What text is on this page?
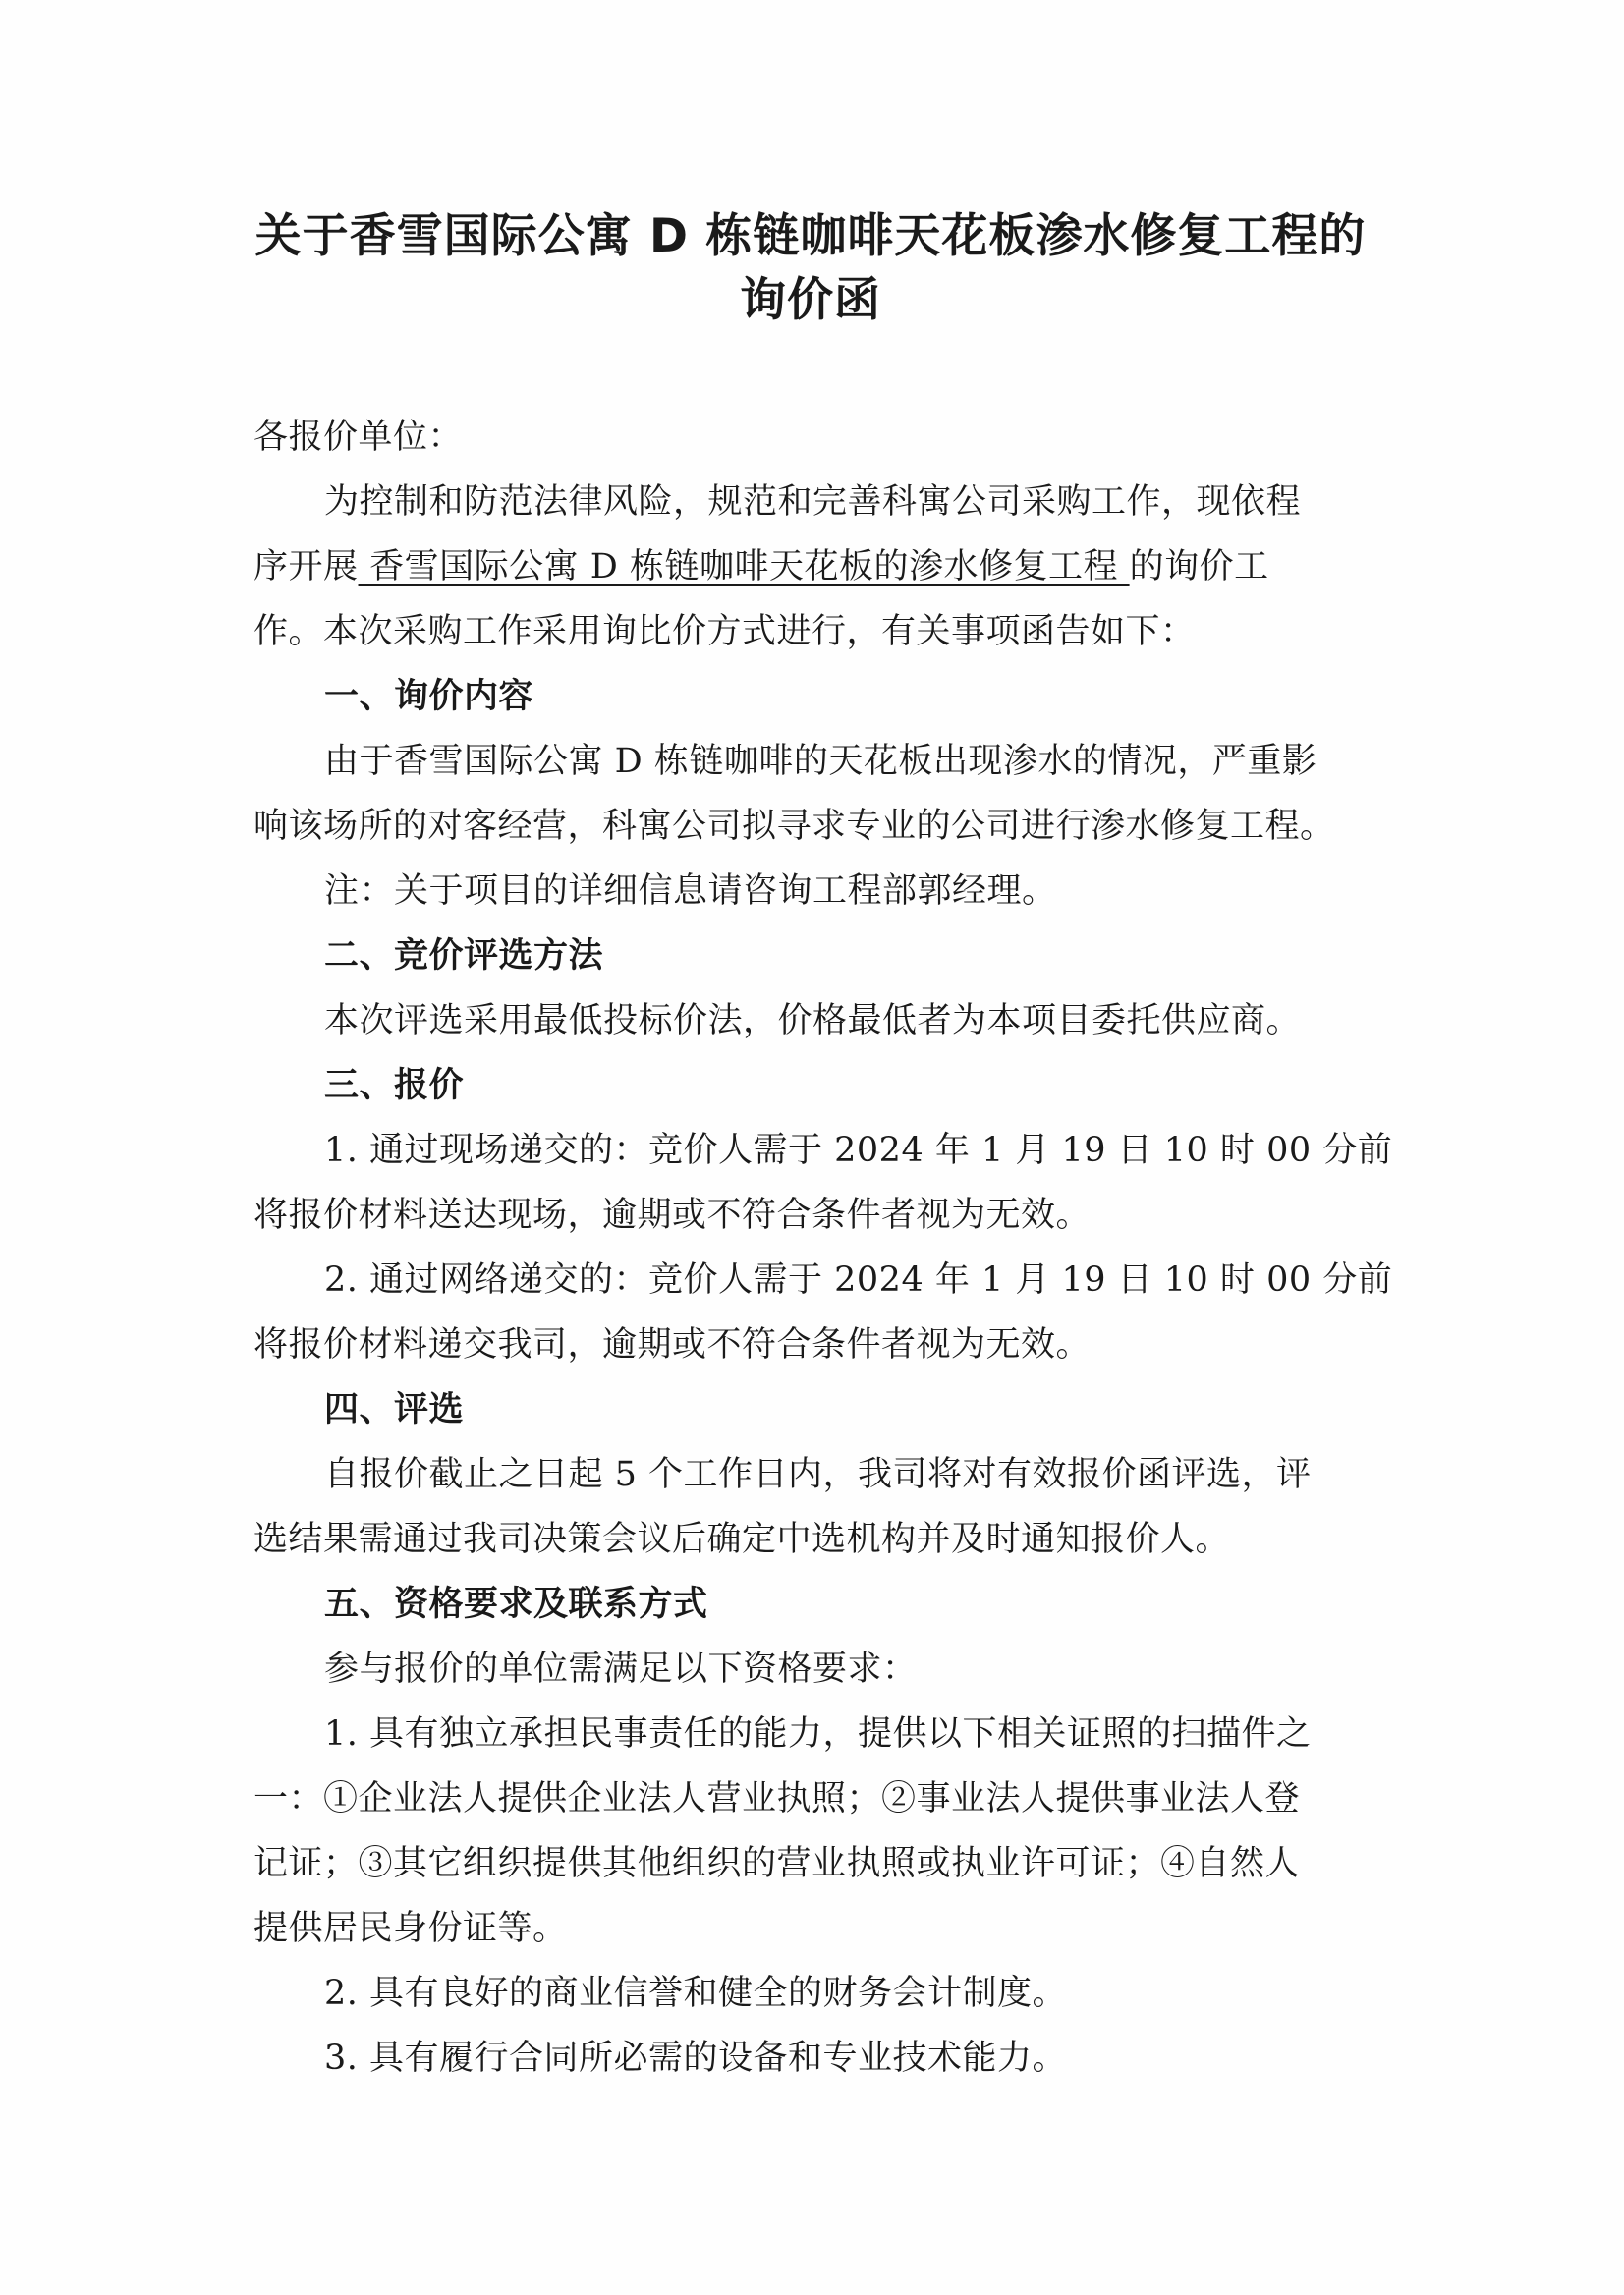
关于香雪国际公寓 D 栋链咖啡天花板渗水修复工程的
询价函
各报价单位：
为控制和防范法律风险，规范和完善科寓公司采购工作，现依程
序开展 香雪国际公寓 D 栋链咖啡天花板的渗水修复工程 的询价工
作。本次采购工作采用询比价方式进行，有关事项函告如下：
一、询价内容
由于香雪国际公寓 D 栋链咖啡的天花板出现渗水的情况，严重影
响该场所的对客经营，科寓公司拟寻求专业的公司进行渗水修复工程。
注：关于项目的详细信息请咨询工程部郭经理。
二、竞价评选方法
本次评选采用最低投标价法，价格最低者为本项目委托供应商。
三、报价
1. 通过现场递交的：竞价人需于 2024 年 1 月 19 日 10 时 00 分前
将报价材料送达现场，逾期或不符合条件者视为无效。
2. 通过网络递交的：竞价人需于 2024 年 1 月 19 日 10 时 00 分前
将报价材料递交我司，逾期或不符合条件者视为无效。
四、评选
自报价截止之日起 5 个工作日内，我司将对有效报价函评选，评
选结果需通过我司决策会议后确定中选机构并及时通知报价人。
五、资格要求及联系方式
参与报价的单位需满足以下资格要求：
1. 具有独立承担民事责任的能力，提供以下相关证照的扫描件之
一：①企业法人提供企业法人营业执照；②事业法人提供事业法人登
记证；③其它组织提供其他组织的营业执照或执业许可证；④自然人
提供居民身份证等。
2. 具有良好的商业信誉和健全的财务会计制度。
3. 具有履行合同所必需的设备和专业技术能力。
